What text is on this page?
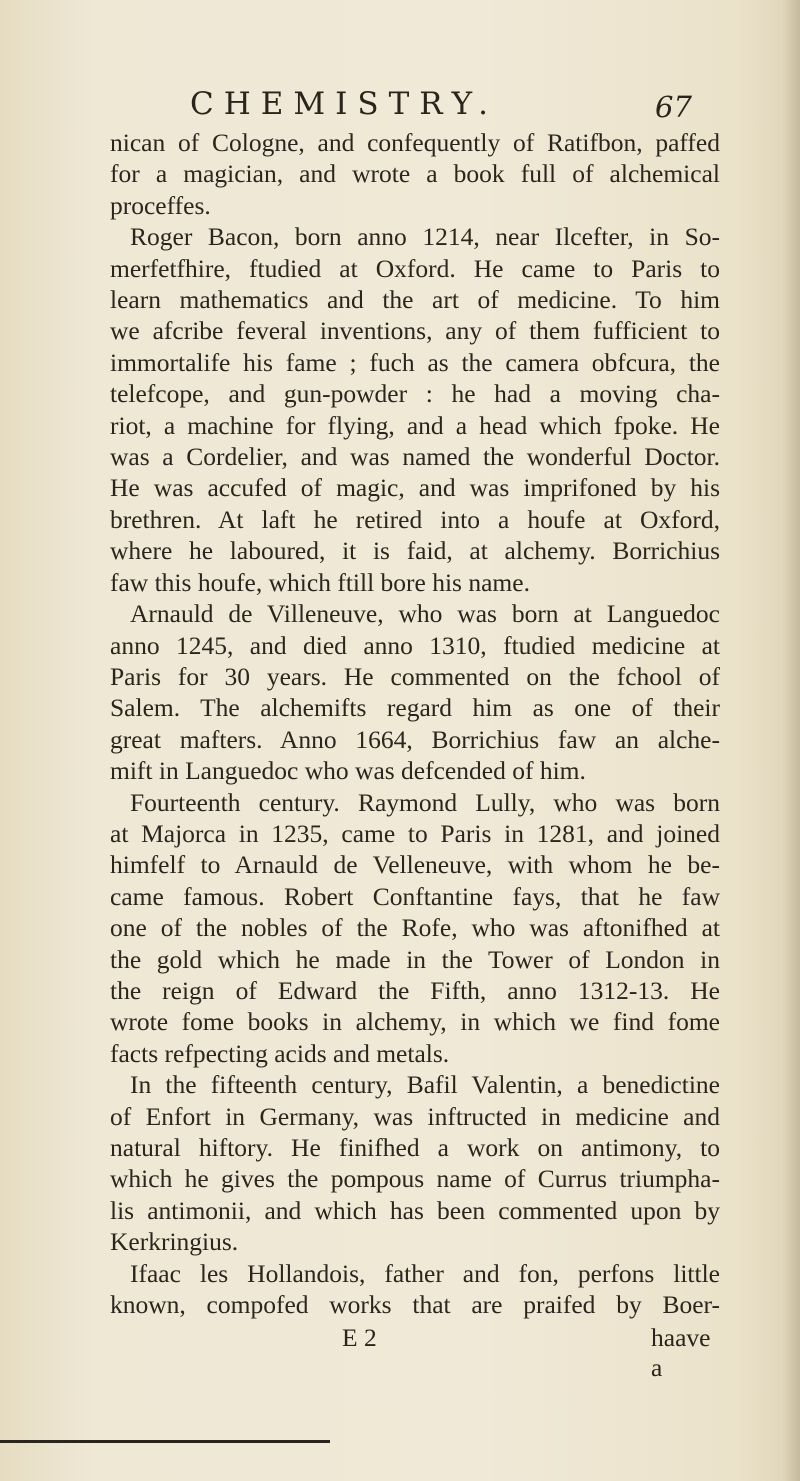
CHEMISTRY.	67
nican of Cologne, and confequently of Ratifbon, paffed
for a magician, and wrote a book full of alchemical
proceffes.
Roger Bacon, born anno 1214, near Ilcefter, in So-
merfetfhire, ftudied at Oxford. He came to Paris to
learn mathematics and the art of medicine. To him
we afcribe feveral inventions, any of them fufficient to
immortalife his fame ; fuch as the camera obfcura, the
telefcope, and gun-powder : he had a moving cha-
riot, a machine for flying, and a head which fpoke. He
was a Cordelier, and was named the wonderful Doctor.
He was accufed of magic, and was imprifoned by his
brethren. At laft he retired into a houfe at Oxford,
where he laboured, it is faid, at alchemy. Borrichius
faw this houfe, which ftill bore his name.
Arnauld de Villeneuve, who was born at Languedoc
anno 1245, and died anno 1310, ftudied medicine at
Paris for 30 years. He commented on the fchool of
Salem. The alchemifts regard him as one of their
great mafters. Anno 1664, Borrichius faw an alche-
mift in Languedoc who was defcended of him.
Fourteenth century. Raymond Lully, who was born
at Majorca in 1235, came to Paris in 1281, and joined
himfelf to Arnauld de Velleneuve, with whom he be-
came famous. Robert Conftantine fays, that he faw
one of the nobles of the Rofe, who was aftonifhed at
the gold which he made in the Tower of London in
the reign of Edward the Fifth, anno 1312-13. He
wrote fome books in alchemy, in which we find fome
facts refpecting acids and metals.
In the fifteenth century, Bafil Valentin, a benedictine
of Enfort in Germany, was inftructed in medicine and
natural hiftory. He finifhed a work on antimony, to
which he gives the pompous name of Currus triumpha-
lis antimonii, and which has been commented upon by
Kerkringius.
Ifaac les Hollandois, father and fon, perfons little
known, compofed works that are praifed by Boer-
E 2	haave a
